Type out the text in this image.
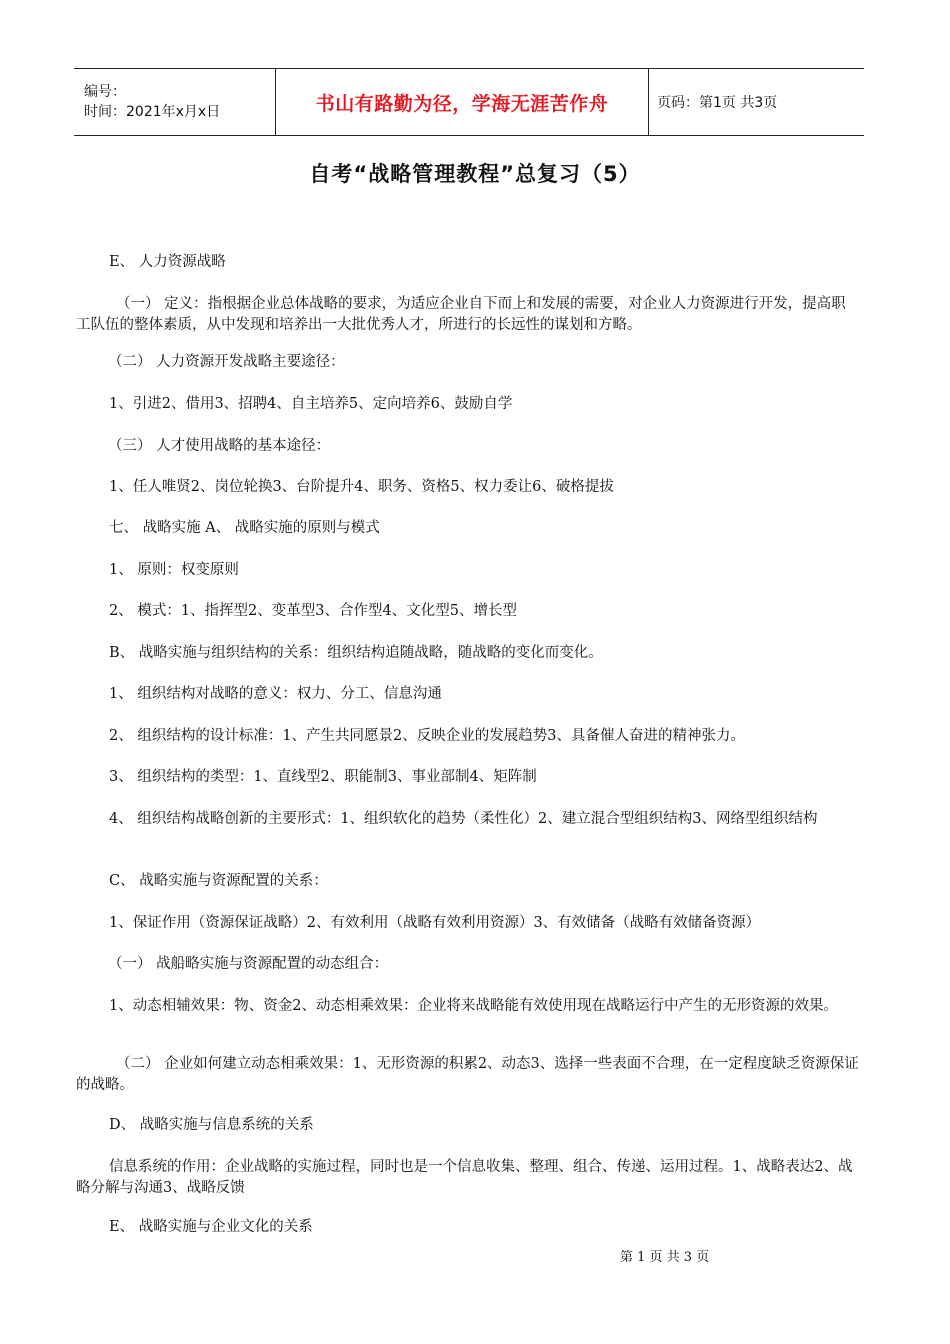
编号：
时间：2021年x月x日	书山有路勤为径，学海无涯苦作舟	页码：第1页 共3页
自考“战略管理教程”总复习（5）

E、 人力资源战略

（一） 定义：指根据企业总体战略的要求，为适应企业自下而上和发展的需要，对企业人力资源进行开发，提高职工队伍的整体素质，从中发现和培养出一大批优秀人才，所进行的长远性的谋划和方略。

（二） 人力资源开发战略主要途径：

1、引进2、借用3、招聘4、自主培养5、定向培养6、鼓励自学

（三） 人才使用战略的基本途径：

1、任人唯贤2、岗位轮换3、台阶提升4、职务、资格5、权力委让6、破格提拔

七、 战略实施 A、 战略实施的原则与模式

1、 原则：权变原则

2、 模式：1、指挥型2、变革型3、合作型4、文化型5、增长型

B、 战略实施与组织结构的关系：组织结构追随战略，随战略的变化而变化。

1、 组织结构对战略的意义：权力、分工、信息沟通

2、 组织结构的设计标准：1、产生共同愿景2、反映企业的发展趋势3、具备催人奋进的精神张力。

3、 组织结构的类型：1、直线型2、职能制3、事业部制4、矩阵制

4、 组织结构战略创新的主要形式：1、组织软化的趋势（柔性化）2、建立混合型组织结构3、网络型组织结构

C、 战略实施与资源配置的关系：

1、保证作用（资源保证战略）2、有效利用（战略有效利用资源）3、有效储备（战略有效储备资源）

（一） 战船略实施与资源配置的动态组合：

1、动态相辅效果：物、资金2、动态相乘效果：企业将来战略能有效使用现在战略运行中产生的无形资源的效果。

（二） 企业如何建立动态相乘效果：1、无形资源的积累2、动态3、选择一些表面不合理，在一定程度缺乏资源保证的战略。

D、 战略实施与信息系统的关系

信息系统的作用：企业战略的实施过程，同时也是一个信息收集、整理、组合、传递、运用过程。1、战略表达2、战略分解与沟通3、战略反馈

E、 战略实施与企业文化的关系

第 1 页 共 3 页
